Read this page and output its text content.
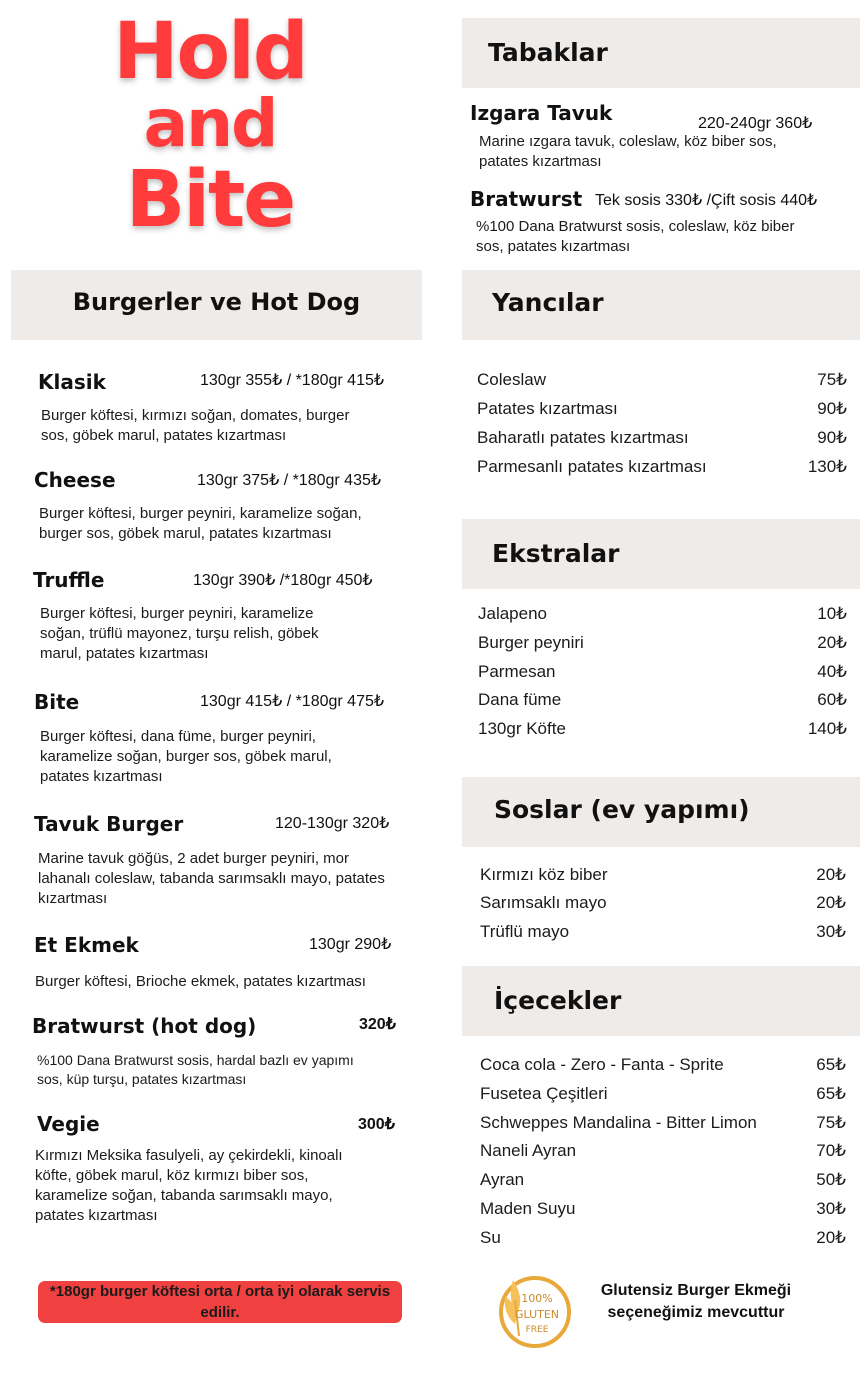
Hold
and
Bite
Burgerler ve Hot Dog
Klasik	130gr 355₺ / *180gr 415₺
Burger köftesi, kırmızı soğan, domates, burger sos, göbek marul, patates kızartması
Cheese	130gr 375₺ / *180gr 435₺
Burger köftesi, burger peyniri, karamelize soğan, burger sos, göbek marul, patates kızartması
Truffle	130gr 390₺ /*180gr 450₺
Burger köftesi, burger peyniri, karamelize soğan, trüflü mayonez, turşu relish, göbek marul, patates kızartması
Bite	130gr 415₺ / *180gr 475₺
Burger köftesi, dana füme, burger peyniri, karamelize soğan, burger sos, göbek marul, patates kızartması
Tavuk Burger	120-130gr 320₺
Marine tavuk göğüs, 2 adet burger peyniri, mor lahanalı coleslaw, tabanda sarımsaklı mayo, patates kızartması
Et Ekmek	130gr 290₺
Burger köftesi, Brioche ekmek, patates kızartması
Bratwurst (hot dog)	320₺
%100 Dana Bratwurst sosis, hardal bazlı ev yapımı sos, küp turşu, patates kızartması
Vegie	300₺
Kırmızı Meksika fasulyeli, ay çekirdekli, kinoalı köfte, göbek marul, köz kırmızı biber sos, karamelize soğan, tabanda sarımsaklı mayo, patates kızartması
*180gr burger köftesi orta / orta iyi olarak servis edilir.
Tabaklar
Izgara Tavuk	220-240gr 360₺
Marine ızgara tavuk, coleslaw, köz biber sos, patates kızartması
Bratwurst Tek sosis 330₺ /Çift sosis 440₺
%100 Dana Bratwurst sosis, coleslaw, köz biber sos, patates kızartması
Yancılar
Coleslaw	75₺
Patates kızartması	90₺
Baharatlı patates kızartması	90₺
Parmesanlı patates kızartması	130₺
Ekstralar
Jalapeno	10₺
Burger peyniri	20₺
Parmesan	40₺
Dana füme	60₺
130gr Köfte	140₺
Soslar (ev yapımı)
Kırmızı köz biber	20₺
Sarımsaklı mayo	20₺
Trüflü mayo	30₺
İçecekler
Coca cola - Zero - Fanta - Sprite	65₺
Fusetea Çeşitleri	65₺
Schweppes Mandalina - Bitter Limon	75₺
Naneli Ayran	70₺
Ayran	50₺
Maden Suyu	30₺
Su	20₺
100%
GLUTEN
FREE
Glutensiz Burger Ekmeği seçeneğimiz mevcuttur
